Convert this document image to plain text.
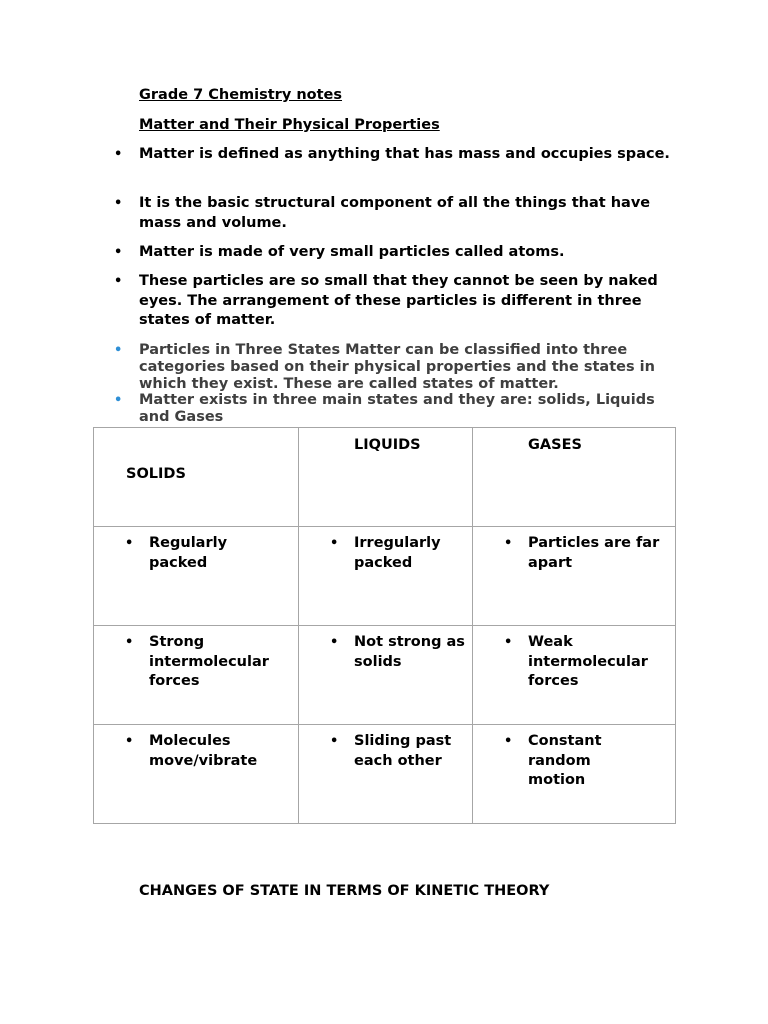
Grade 7 Chemistry notes
Matter and Their Physical Properties
• Matter is defined as anything that has mass and occupies space.
• It is the basic structural component of all the things that have mass and volume.
• Matter is made of very small particles called atoms.
• These particles are so small that they cannot be seen by naked eyes. The arrangement of these particles is different in three states of matter.
• Particles in Three States Matter can be classified into three categories based on their physical properties and the states in which they exist. These are called states of matter.
• Matter exists in three main states and they are: solids, Liquids and Gases
SOLIDS	LIQUIDS	GASES

• Regularly packed	• Irregularly packed	• Particles are far apart

• Strong intermolecular forces	• Not strong as solids	• Weak intermolecular forces

• Molecules move/vibrate	• Sliding past each other	• Constant random motion
CHANGES OF STATE IN TERMS OF KINETIC THEORY
